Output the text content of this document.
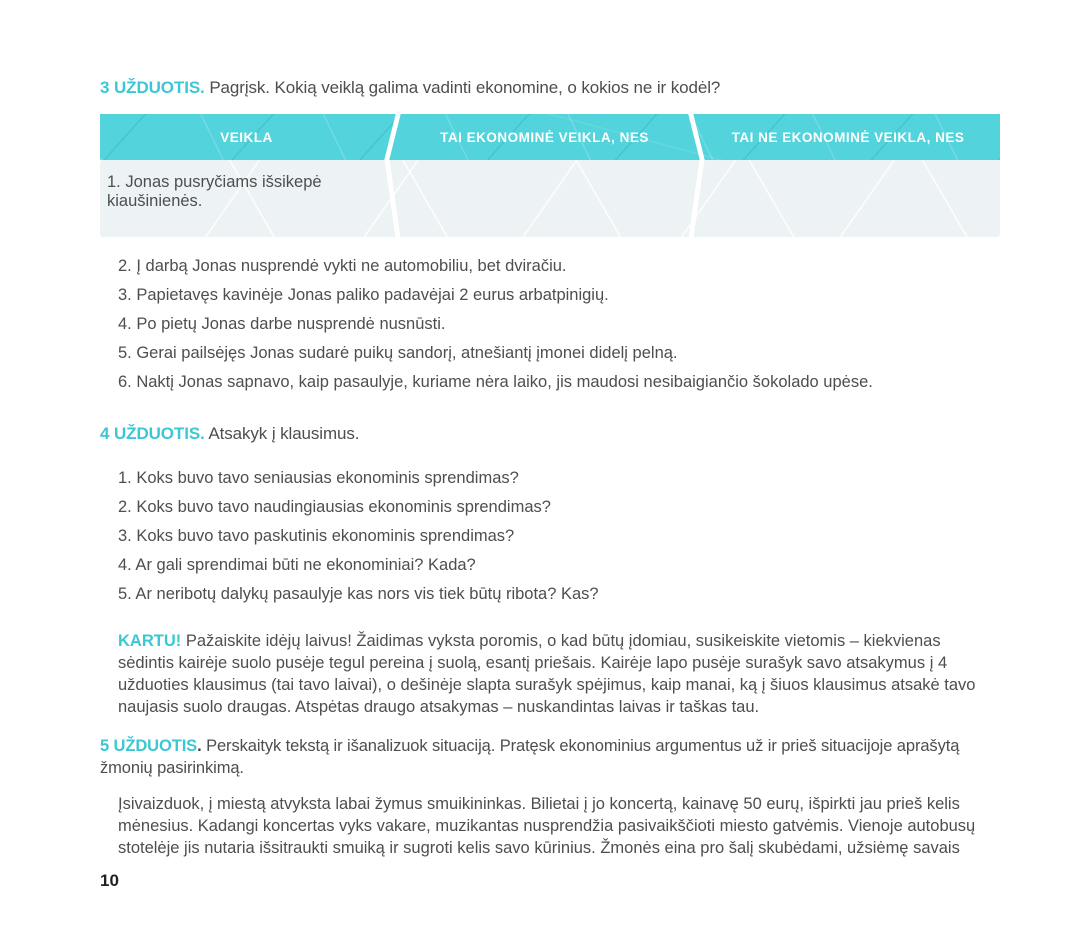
3 UŽDUOTIS. Pagrįsk. Kokią veiklą galima vadinti ekonomine, o kokios ne ir kodėl?

VEIKLA	TAI EKONOMINĖ VEIKLA, NES	TAI NE EKONOMINĖ VEIKLA, NES
1. Jonas pusryčiams išsikepė kiaušinienės.
2. Į darbą Jonas nusprendė vykti ne automobiliu, bet dviračiu.
3. Papietavęs kavinėje Jonas paliko padavėjai 2 eurus arbatpinigių.
4. Po pietų Jonas darbe nusprendė nusnūsti.
5. Gerai pailsėjęs Jonas sudarė puikų sandorį, atnešiantį įmonei didelį pelną.
6. Naktį Jonas sapnavo, kaip pasaulyje, kuriame nėra laiko, jis maudosi nesibaigiančio šokolado upėse.

4 UŽDUOTIS. Atsakyk į klausimus.

1. Koks buvo tavo seniausias ekonominis sprendimas?
2. Koks buvo tavo naudingiausias ekonominis sprendimas?
3. Koks buvo tavo paskutinis ekonominis sprendimas?
4. Ar gali sprendimai būti ne ekonominiai? Kada?
5. Ar neribotų dalykų pasaulyje kas nors vis tiek būtų ribota? Kas?

KARTU! Pažaiskite idėjų laivus! Žaidimas vyksta poromis, o kad būtų įdomiau, susikeiskite vietomis – kiekvienas sėdintis kairėje suolo pusėje tegul pereina į suolą, esantį priešais. Kairėje lapo pusėje surašyk savo atsakymus į 4 užduoties klausimus (tai tavo laivai), o dešinėje slapta surašyk spėjimus, kaip manai, ką į šiuos klausimus atsakė tavo naujasis suolo draugas. Atspėtas draugo atsakymas – nuskandintas laivas ir taškas tau.

5 UŽDUOTIS. Perskaityk tekstą ir išanalizuok situaciją. Pratęsk ekonominius argumentus už ir prieš situacijoje aprašytą žmonių pasirinkimą.

Įsivaizduok, į miestą atvyksta labai žymus smuikininkas. Bilietai į jo koncertą, kainavę 50 eurų, išpirkti jau prieš kelis mėnesius. Kadangi koncertas vyks vakare, muzikantas nusprendžia pasivaikščioti miesto gatvėmis. Vienoje autobusų stotelėje jis nutaria išsitraukti smuiką ir sugroti kelis savo kūrinius. Žmonės eina pro šalį skubėdami, užsiėmę savais

10
